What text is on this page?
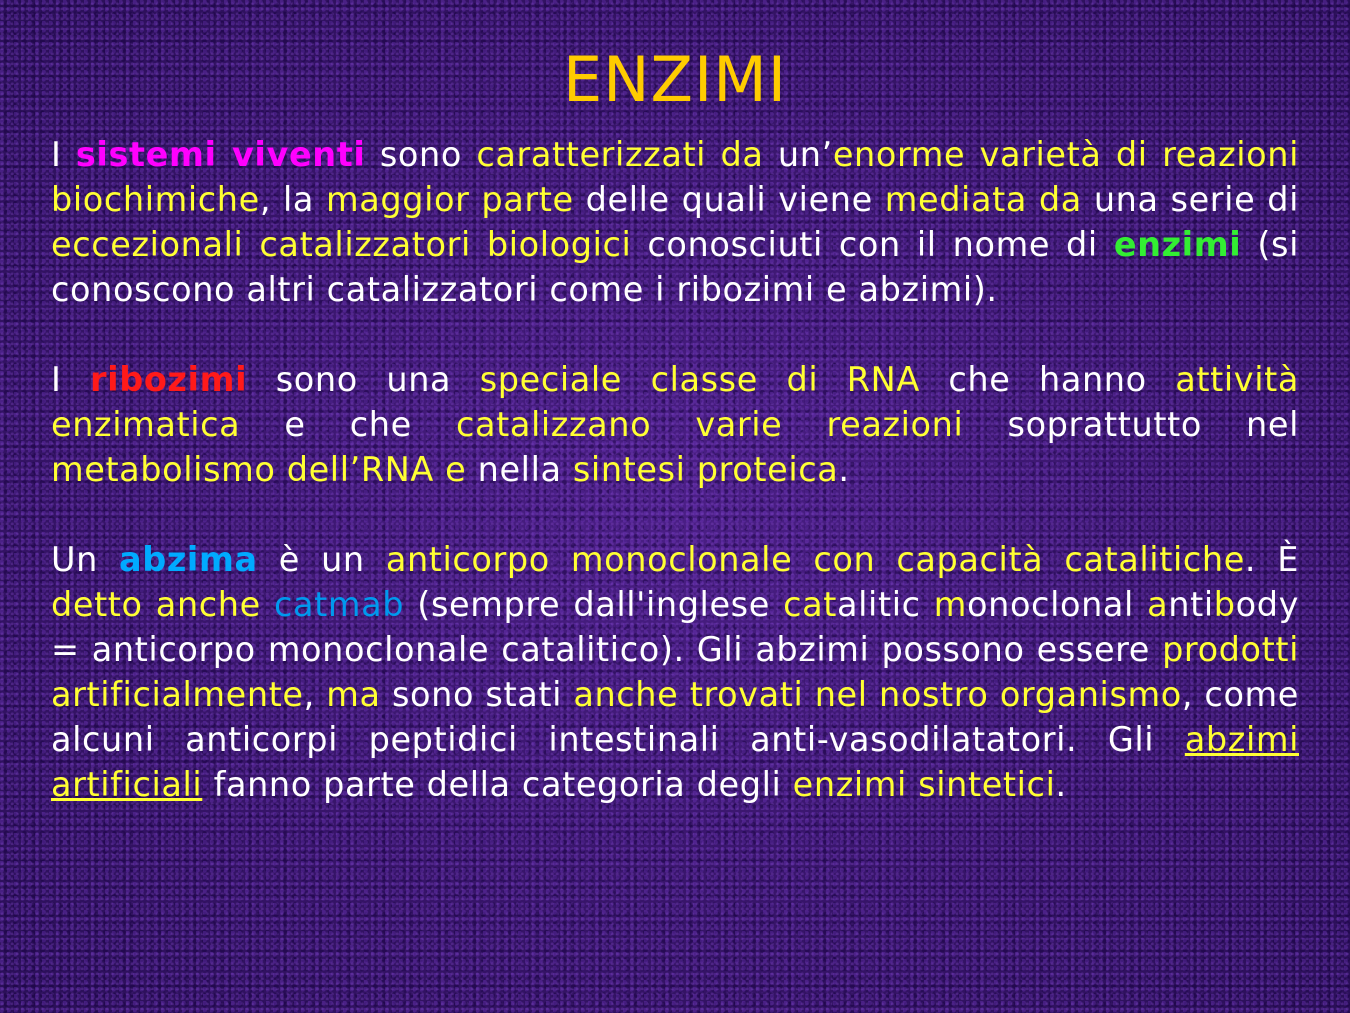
ENZIMI

I sistemi viventi sono caratterizzati da un’enorme varietà di reazioni biochimiche, la maggior parte delle quali viene mediata da una serie di eccezionali catalizzatori biologici conosciuti con il nome di enzimi (si conoscono altri catalizzatori come i ribozimi e abzimi).

I ribozimi sono una speciale classe di RNA che hanno attività enzimatica e che catalizzano varie reazioni soprattutto nel metabolismo dell’RNA e nella sintesi proteica.

Un abzima è un anticorpo monoclonale con capacità catalitiche. È detto anche catmab (sempre dall'inglese catalitic monoclonal antibody = anticorpo monoclonale catalitico). Gli abzimi possono essere prodotti artificialmente, ma sono stati anche trovati nel nostro organismo, come alcuni anticorpi peptidici intestinali anti-vasodilatatori. Gli abzimi artificiali fanno parte della categoria degli enzimi sintetici.
